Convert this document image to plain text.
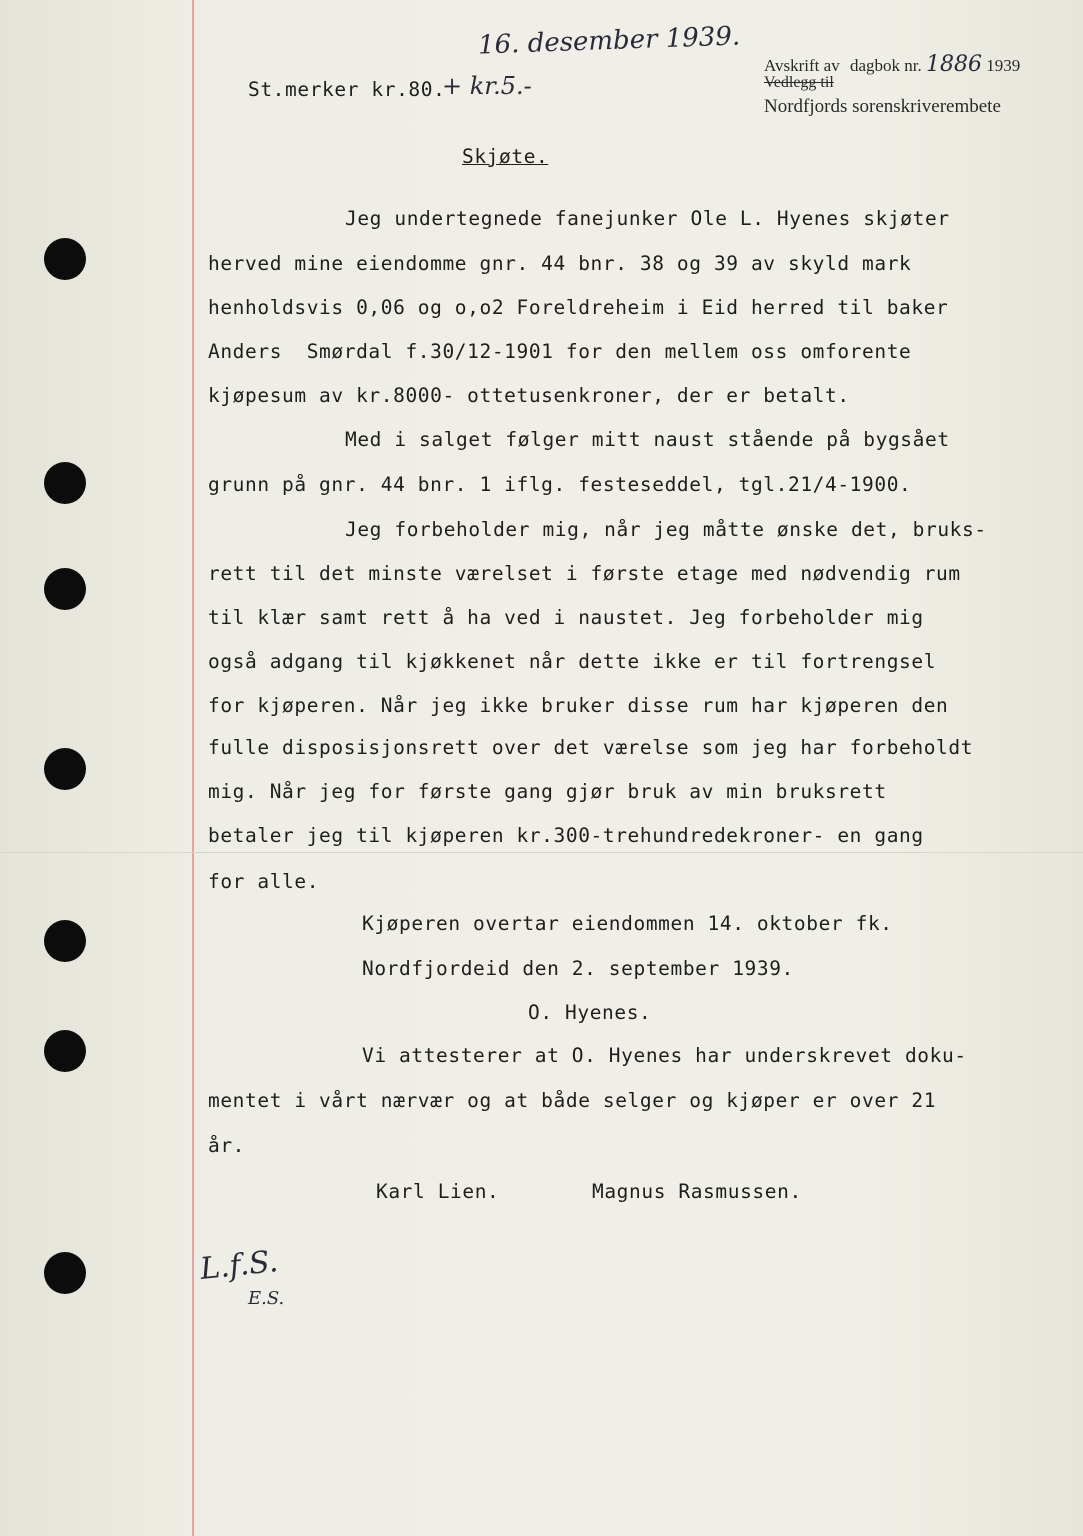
16. desember 1939.
Avskrift av dagbok nr. 1886 1939
Vedlegg til
Nordfjords sorenskriverembete
St.merker kr.80.
+ kr.5.-
Skjøte.
Jeg undertegnede fanejunker Ole L. Hyenes skjøter
herved mine eiendomme gnr. 44 bnr. 38 og 39 av skyld mark
henholdsvis 0,06 og o,o2 Foreldreheim i Eid herred til baker
Anders  Smørdal f.30/12-1901 for den mellem oss omforente
kjøpesum av kr.8000- ottetusenkroner, der er betalt.
Med i salget følger mitt naust stående på bygsået
grunn på gnr. 44 bnr. 1 iflg. festeseddel, tgl.21/4-1900.
Jeg forbeholder mig, når jeg måtte ønske det, bruks-
rett til det minste værelset i første etage med nødvendig rum
til klær samt rett å ha ved i naustet. Jeg forbeholder mig
også adgang til kjøkkenet når dette ikke er til fortrengsel
for kjøperen. Når jeg ikke bruker disse rum har kjøperen den
fulle disposisjonsrett over det værelse som jeg har forbeholdt
mig. Når jeg for første gang gjør bruk av min bruksrett
betaler jeg til kjøperen kr.300-trehundredekroner- en gang
for alle.
Kjøperen overtar eiendommen 14. oktober fk.
Nordfjordeid den 2. september 1939.
O. Hyenes.
Vi attesterer at O. Hyenes har underskrevet doku-
mentet i vårt nærvær og at både selger og kjøper er over 21
år.
Karl Lien.	Magnus Rasmussen.
L.f.S.
E.S.
